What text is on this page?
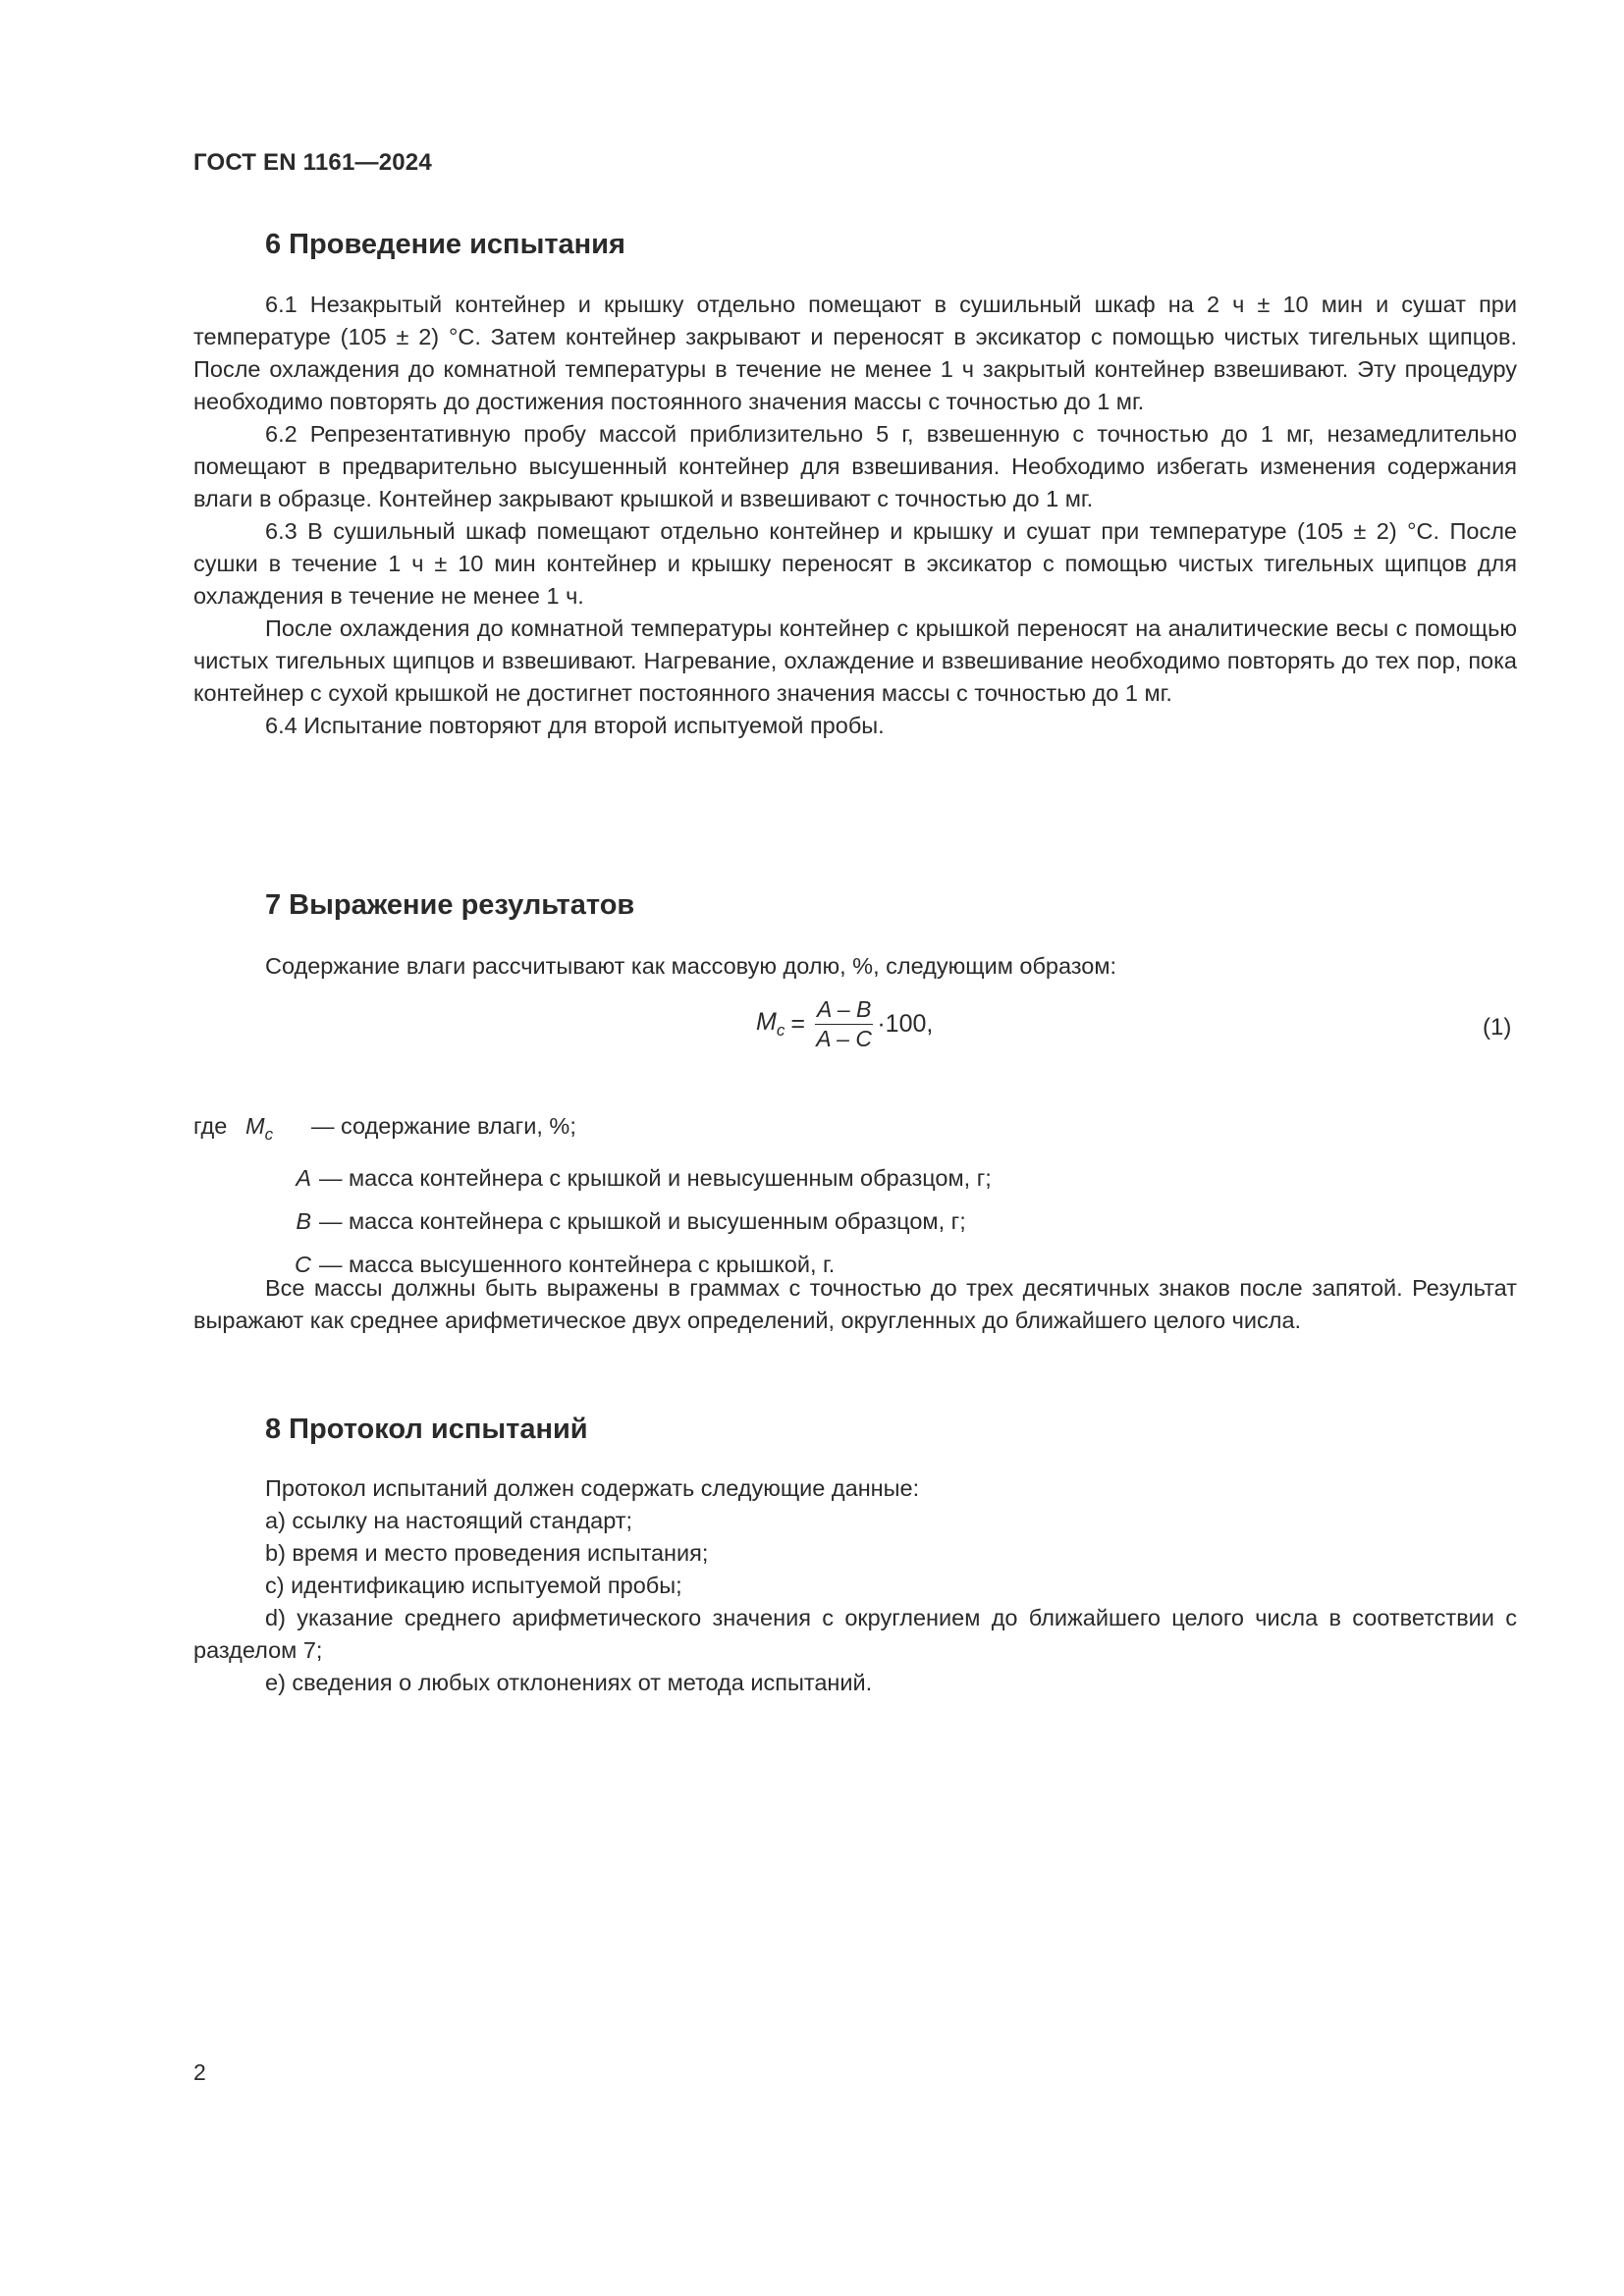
ГОСТ EN 1161—2024
6 Проведение испытания

6.1 Незакрытый контейнер и крышку отдельно помещают в сушильный шкаф на 2 ч ± 10 мин и сушат при температуре (105 ± 2) °С. Затем контейнер закрывают и переносят в эксикатор с помощью чистых тигельных щипцов. После охлаждения до комнатной температуры в течение не менее 1 ч закрытый контейнер взвешивают. Эту процедуру необходимо повторять до достижения постоянного значения массы с точностью до 1 мг.

6.2 Репрезентативную пробу массой приблизительно 5 г, взвешенную с точностью до 1 мг, незамедлительно помещают в предварительно высушенный контейнер для взвешивания. Необходимо избегать изменения содержания влаги в образце. Контейнер закрывают крышкой и взвешивают с точностью до 1 мг.

6.3 В сушильный шкаф помещают отдельно контейнер и крышку и сушат при температуре (105 ± 2) °С. После сушки в течение 1 ч ± 10 мин контейнер и крышку переносят в эксикатор с помощью чистых тигельных щипцов для охлаждения в течение не менее 1 ч.

После охлаждения до комнатной температуры контейнер с крышкой переносят на аналитические весы с помощью чистых тигельных щипцов и взвешивают. Нагревание, охлаждение и взвешивание необходимо повторять до тех пор, пока контейнер с сухой крышкой не достигнет постоянного значения массы с точностью до 1 мг.

6.4 Испытание повторяют для второй испытуемой пробы.

7 Выражение результатов

Содержание влаги рассчитывают как массовую долю, %, следующим образом:

$M_c = \frac{A - B}{A - C} \cdot 100$,	(1)
где $M_c$	— содержание влаги, %;
A — масса контейнера с крышкой и невысушенным образцом, г;
B — масса контейнера с крышкой и высушенным образцом, г;
C — масса высушенного контейнера с крышкой, г.

Все массы должны быть выражены в граммах с точностью до трех десятичных знаков после запятой. Результат выражают как среднее арифметическое двух определений, округленных до ближайшего целого числа.

8 Протокол испытаний

Протокол испытаний должен содержать следующие данные:

a) ссылку на настоящий стандарт;

b) время и место проведения испытания;

c) идентификацию испытуемой пробы;

d) указание среднего арифметического значения с округлением до ближайшего целого числа в соответствии с разделом 7;

e) сведения о любых отклонениях от метода испытаний.

2
